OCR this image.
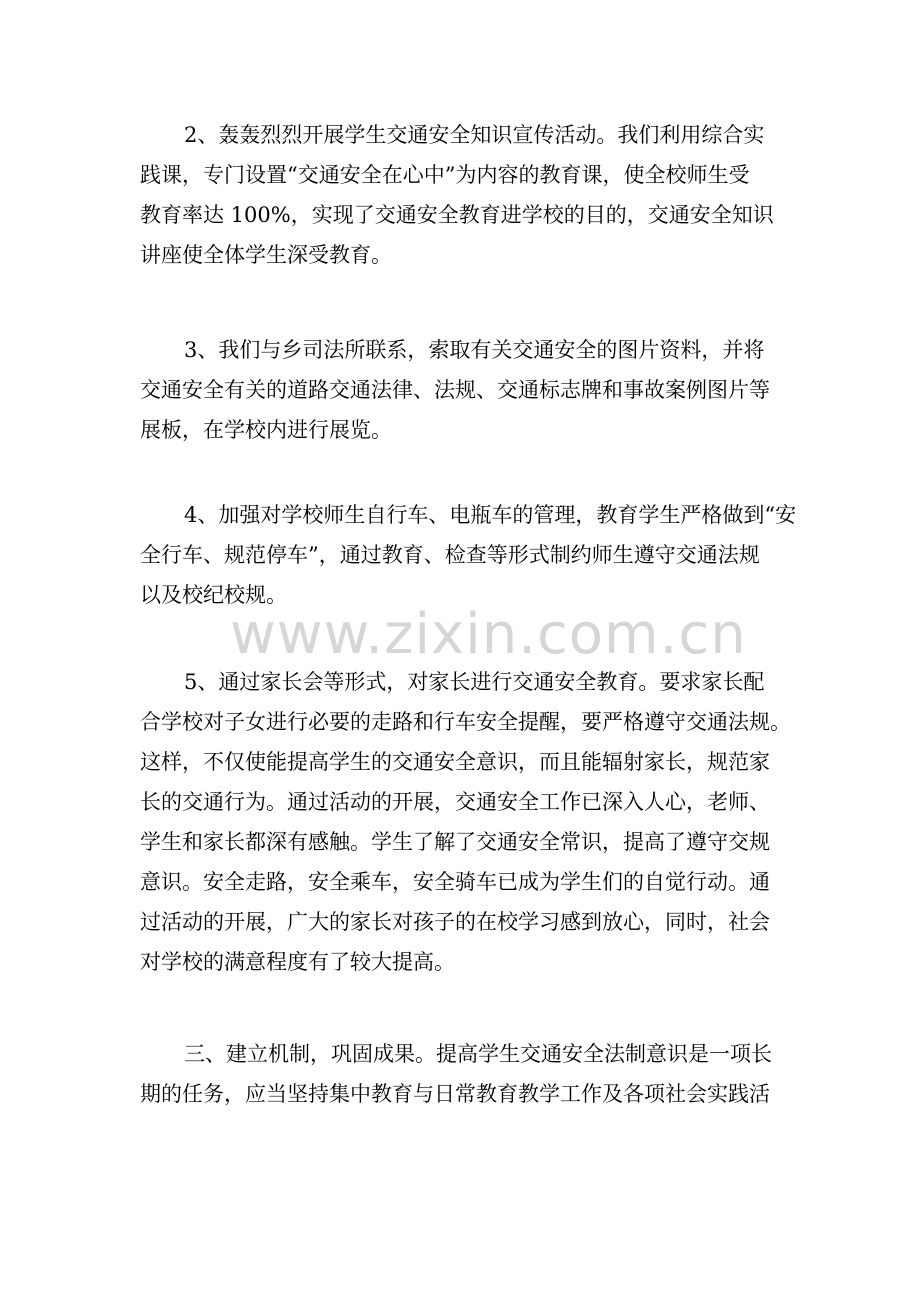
2、轰轰烈烈开展学生交通安全知识宣传活动。我们利用综合实
践课，专门设置“交通安全在心中”为内容的教育课，使全校师生受
教育率达 100%，实现了交通安全教育进学校的目的，交通安全知识
讲座使全体学生深受教育。
3、我们与乡司法所联系，索取有关交通安全的图片资料，并将
交通安全有关的道路交通法律、法规、交通标志牌和事故案例图片等
展板，在学校内进行展览。
4、加强对学校师生自行车、电瓶车的管理，教育学生严格做到“安
全行车、规范停车”，通过教育、检查等形式制约师生遵守交通法规
以及校纪校规。
5、通过家长会等形式，对家长进行交通安全教育。要求家长配
合学校对子女进行必要的走路和行车安全提醒，要严格遵守交通法规。
这样，不仅使能提高学生的交通安全意识，而且能辐射家长，规范家
长的交通行为。通过活动的开展，交通安全工作已深入人心，老师、
学生和家长都深有感触。学生了解了交通安全常识，提高了遵守交规
意识。安全走路，安全乘车，安全骑车已成为学生们的自觉行动。通
过活动的开展，广大的家长对孩子的在校学习感到放心，同时，社会
对学校的满意程度有了较大提高。
三、建立机制，巩固成果。提高学生交通安全法制意识是一项长
期的任务，应当坚持集中教育与日常教育教学工作及各项社会实践活
www.zixin.com.cn
